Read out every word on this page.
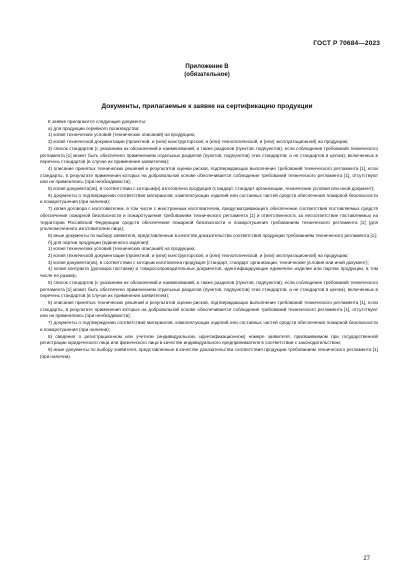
ГОСТ Р 70684—2023
Приложение В
(обязательное)
Документы, прилагаемые к заявке на сертификацию продукции

К заявке прилагаются следующие документы:

а) для продукции серийного производства:

1) копия технических условий (технических описаний) на продукцию;

2) копия технической документации (проектной, и (или) конструкторской, и (или) технологической, и (или) эксплуатационной) на продукцию;

3) список стандартов (с указанием их обозначений и наименований, а также разделов (пунктов, подпунктов), если соблюдение требований технического регламента [1] может быть обеспечено применением отдельных разделов (пунктов, подпунктов) этих стандартов, а не стандартов в целом), включенных в перечень стандартов (в случае их применения заявителем);

4) описание принятых технических решений и результатов оценки рисков, подтверждающих выполнение требований технического регламента [1], если стандарты, в результате применения которых на добровольной основе обеспечивается соблюдение требований технического регламента [1], отсутствуют или не применялись (при необходимости);

5) копия документа(ов), в соответствии с которым(и) изготовлена продукция (стандарт, стандарт организации, технические условия или иной документ);

6) документы о подтверждении соответствия материалов, комплектующих изделий или составных частей средств обеспечения пожарной безопасности и пожаротушения (при наличии);

7) копия договора с изготовителем, в том числе с иностранным изготовителем, предусматривающего обеспечение соответствия поставляемых средств обеспечения пожарной безопасности и пожаротушения требованиям технического регламента [1] и ответственность за несоответствие поставляемых на территории Российской Федерации средств обеспечения пожарной безопасности и пожаротушения требованиям технического регламента [1] (для уполномоченного изготовителем лица);

8) иные документы по выбору заявителя, представленные в качестве доказательства соответствия продукции требованиям технического регламента [1];

б) для партии продукции (единичного изделия):

1) копия технических условий (технических описаний) на продукцию;

2) копия технической документации (проектной, и (или) конструкторской, и (или) технологической, и (или) эксплуатационной) на продукцию;

3) копия документа(ов), в соответствии с которым изготовлена продукция (стандарт, стандарт организации, технические условия или иной документ);

4) копия контракта (договора поставки) и товаросопроводительных документов, идентифицирующие единичное изделие или партию продукции, в том числе ее размер;

5) список стандартов (с указанием их обозначений и наименований, а также разделов (пунктов, подпунктов), если соблюдение требований технического регламента [1] может быть обеспечено применением отдельных разделов (пунктов, подпунктов) этих стандартов, а не стандартов в целом), включенных в перечень стандартов (в случае их применения заявителем);

6) описание принятых технических решений и результатов оценки рисков, подтверждающих выполнение требований технического регламента [1], если стандарты, в результате применения которых на добровольной основе обеспечивается соблюдение требований технического регламента [1], отсутствуют или не применялись (при необходимости);

7) документы о подтверждении соответствия материалов, комплектующих изделий или составных частей средств обеспечения пожарной безопасности и пожаротушения (при наличии);

8) сведения о регистрационном или учетном (индивидуальном, идентификационном) номере заявителя, присваиваемом при государственной регистрации юридического лица или физического лица в качестве индивидуального предпринимателя в соответствии с законодательством;

9) иные документы по выбору заявителя, представленные в качестве доказательства соответствия продукции требованиям технического регламента [1] (при наличии).

27
